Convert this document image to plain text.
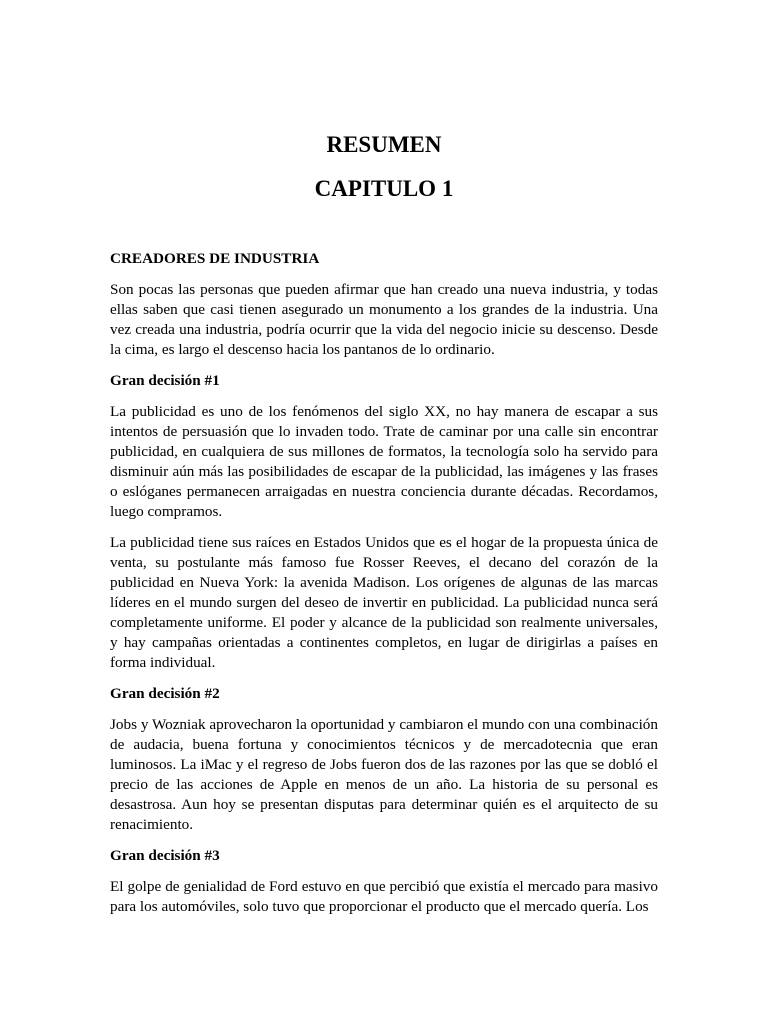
RESUMEN
CAPITULO 1
CREADORES DE INDUSTRIA

Son pocas las personas que pueden afirmar que han creado una nueva industria, y todas ellas saben que casi tienen asegurado un monumento a los grandes de la industria. Una vez creada una industria, podría ocurrir que la vida del negocio inicie su descenso. Desde la cima, es largo el descenso hacia los pantanos de lo ordinario.

Gran decisión #1

La publicidad es uno de los fenómenos del siglo XX, no hay manera de escapar a sus intentos de persuasión que lo invaden todo. Trate de caminar por una calle sin encontrar publicidad, en cualquiera de sus millones de formatos, la tecnología solo ha servido para disminuir aún más las posibilidades de escapar de la publicidad, las imágenes y las frases o eslóganes permanecen arraigadas en nuestra conciencia durante décadas. Recordamos, luego compramos.

La publicidad tiene sus raíces en Estados Unidos que es el hogar de la propuesta única de venta, su postulante más famoso fue Rosser Reeves, el decano del corazón de la publicidad en Nueva York: la avenida Madison. Los orígenes de algunas de las marcas líderes en el mundo surgen del deseo de invertir en publicidad. La publicidad nunca será completamente uniforme. El poder y alcance de la publicidad son realmente universales, y hay campañas orientadas a continentes completos, en lugar de dirigirlas a países en forma individual.

Gran decisión #2

Jobs y Wozniak aprovecharon la oportunidad y cambiaron el mundo con una combinación de audacia, buena fortuna y conocimientos técnicos y de mercadotecnia que eran luminosos. La iMac y el regreso de Jobs fueron dos de las razones por las que se dobló el precio de las acciones de Apple en menos de un año. La historia de su personal es desastrosa. Aun hoy se presentan disputas para determinar quién es el arquitecto de su renacimiento.

Gran decisión #3

El golpe de genialidad de Ford estuvo en que percibió que existía el mercado para masivo para los automóviles, solo tuvo que proporcionar el producto que el mercado quería. Los
